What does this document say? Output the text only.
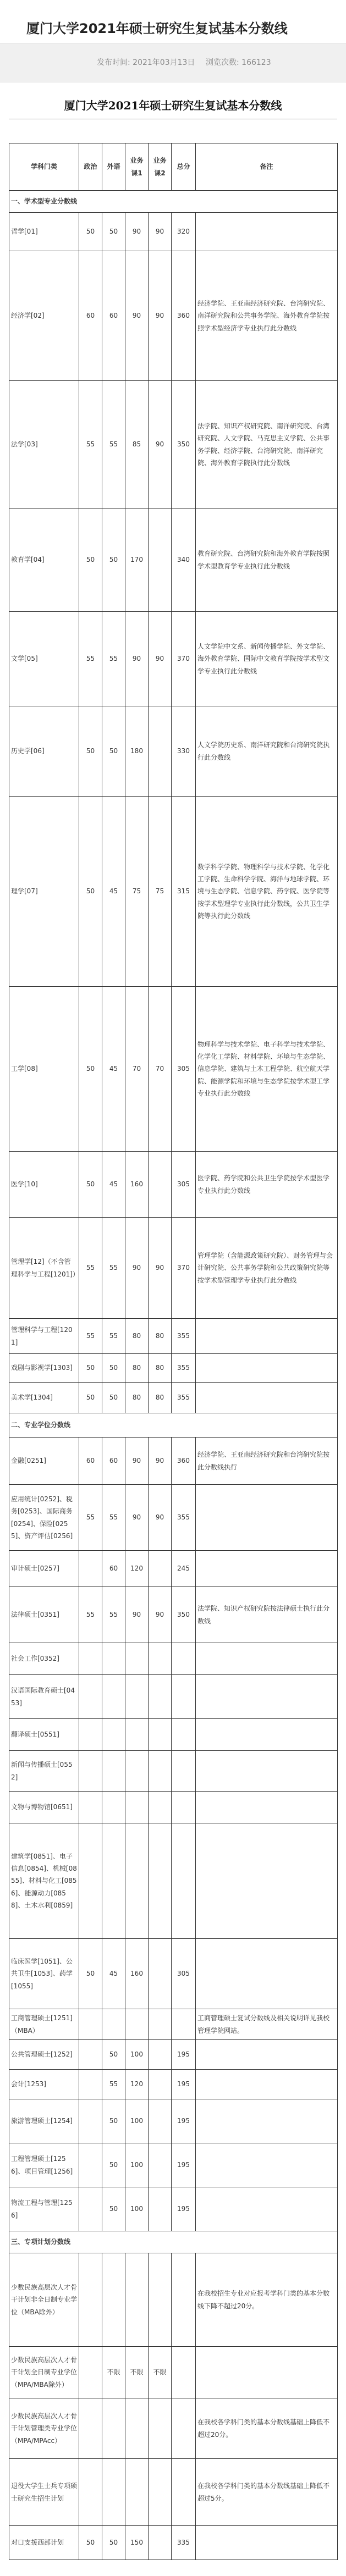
厦门大学2021年硕士研究生复试基本分数线
发布时间: 2021年03月13日 浏览次数: 166123
厦门大学2021年硕士研究生复试基本分数线
学科门类	政治	外语	业务课1	业务课2	总分	备注
一、学术型专业分数线						
哲学[01]	50	50	90	90	320	
经济学[02]	60	60	90	90	360	经济学院、王亚南经济研究院、台湾研究院、南洋研究院和公共事务学院、海外教育学院按照学术型经济学专业执行此分数线
法学[03]	55	55	85	90	350	法学院、知识产权研究院、南洋研究院、台湾研究院、人文学院、马克思主义学院、公共事务学院、经济学院、台湾研究院、南洋研究院、海外教育学院执行此分数线
教育学[04]	50	50	170		340	教育研究院、台湾研究院和海外教育学院按照学术型教育学专业执行此分数线
文学[05]	55	55	90	90	370	人文学院中文系、新闻传播学院、外文学院、海外教育学院、国际中文教育学院按学术型文学专业执行此分数线
历史学[06]	50	50	180		330	人文学院历史系、南洋研究院和台湾研究院执行此分数线
理学[07]	50	45	75	75	315	数学科学学院、物理科学与技术学院、化学化工学院、生命科学学院、海洋与地球学院、环境与生态学院、信息学院、药学院、医学院等按学术型理学专业执行此分数线，公共卫生学院等执行此分数线
工学[08]	50	45	70	70	305	物理科学与技术学院、电子科学与技术学院、化学化工学院、材料学院、环境与生态学院、信息学院、建筑与土木工程学院、航空航天学院、能源学院和环境与生态学院按学术型工学专业执行此分数线
医学[10]	50	45	160		305	医学院、药学院和公共卫生学院按学术型医学专业执行此分数线
管理学[12]（不含管理科学与工程[1201]）	55	55	90	90	370	管理学院（含能源政策研究院）、财务管理与会计研究院、公共事务学院和公共政策研究院等按学术型管理学专业执行此分数线
管理科学与工程[1201]	55	55	80	80	355	
戏剧与影视学[1303]	50	50	80	80	355	
美术学[1304]	50	50	80	80	355	
二、专业学位分数线						
金融[0251]	60	60	90	90	360	经济学院、王亚南经济研究院和台湾研究院按此分数线执行
应用统计[0252]、税务[0253]、国际商务[0254]、保险[0255]、资产评估[0256]	55	55	90	90	355	
审计硕士[0257]		60	120		245	
法律硕士[0351]	55	55	90	90	350	法学院、知识产权研究院按法律硕士执行此分数线
社会工作[0352]						
汉语国际教育硕士[0453]						
翻译硕士[0551]						
新闻与传播硕士[0552]						
文物与博物馆[0651]						
建筑学[0851]、电子信息[0854]、机械[0855]、材料与化工[0856]、能源动力[0858]、土木水利[0859]						
临床医学[1051]、公共卫生[1053]、药学[1055]	50	45	160		305	
工商管理硕士[1251]（MBA）						工商管理硕士复试分数线及相关说明详见我校管理学院网站。
公共管理硕士[1252]		50	100		195	
会计[1253]		55	120		195	
旅游管理硕士[1254]		50	100		195	
工程管理硕士[1256]、项目管理[1256]		50	100		195	
物流工程与管理[1256]		50	100		195	
三、专项计划分数线						
少数民族高层次人才骨干计划非全日制专业学位（MBA除外）						在我校招生专业对应报考学科门类的基本分数线下降不超过20分。
少数民族高层次人才骨干计划全日制专业学位（MPA/MBA除外）		不限	不限	不限		
少数民族高层次人才骨干计划管理类专业学位（MPA/MPAcc）						在我校各学科门类的基本分数线基础上降低不超过20分。
退役大学生士兵专项硕士研究生招生计划						在我校各学科门类的基本分数线基础上降低不超过5分。
对口支援西部计划	50	50	150		335	
